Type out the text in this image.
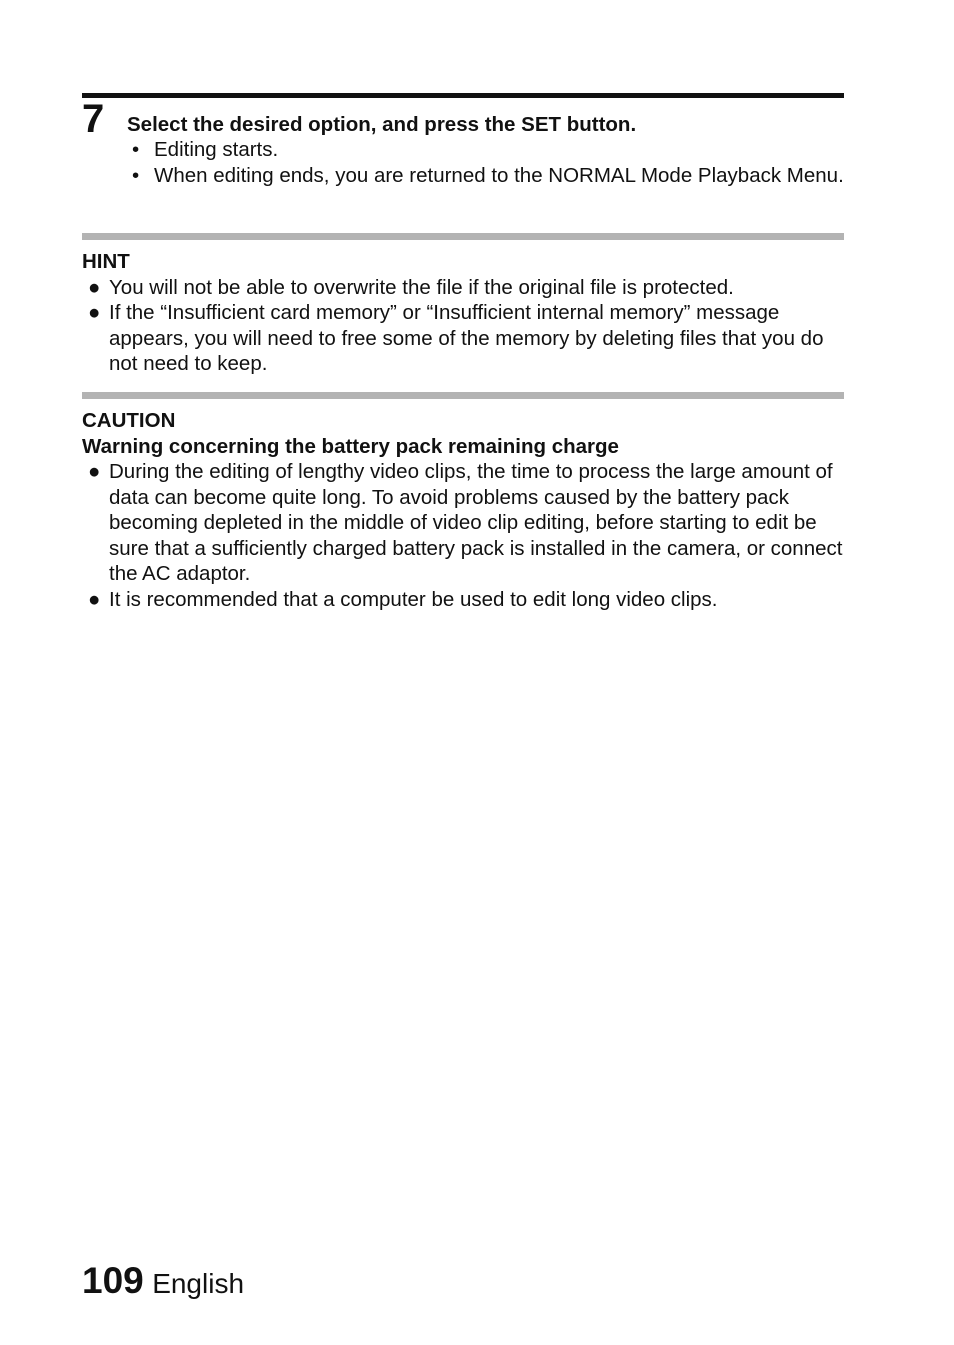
7 Select the desired option, and press the SET button.
• Editing starts.
• When editing ends, you are returned to the NORMAL Mode Playback Menu.
HINT
● You will not be able to overwrite the file if the original file is protected.
● If the “Insufficient card memory” or “Insufficient internal memory” message appears, you will need to free some of the memory by deleting files that you do not need to keep.
CAUTION
Warning concerning the battery pack remaining charge
● During the editing of lengthy video clips, the time to process the large amount of data can become quite long. To avoid problems caused by the battery pack becoming depleted in the middle of video clip editing, before starting to edit be sure that a sufficiently charged battery pack is installed in the camera, or connect the AC adaptor.
● It is recommended that a computer be used to edit long video clips.
109 English
